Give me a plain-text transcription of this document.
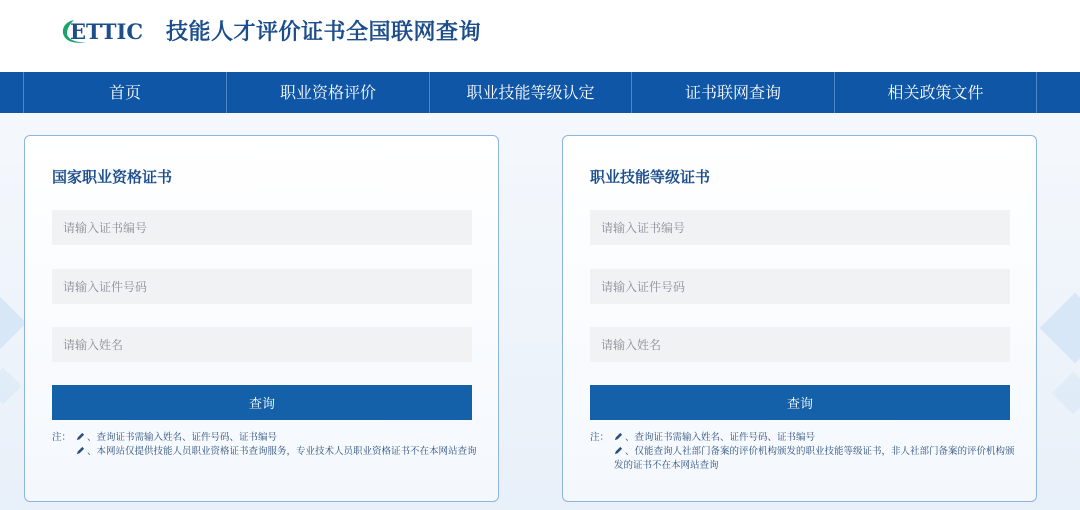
ETTIC 技能人才评价证书全国联网查询
首页	职业资格评价	职业技能等级认定	证书联网查询	相关政策文件
国家职业资格证书
请输入证书编号
请输入证件号码
请输入姓名
查询
注： 、查询证书需输入姓名、证件号码、证书编号
、本网站仅提供技能人员职业资格证书查询服务，专业技术人员职业资格证书不在本网站查询
职业技能等级证书
请输入证书编号
请输入证件号码
请输入姓名
查询
注： 、查询证书需输入姓名、证件号码、证书编号
、仅能查询人社部门备案的评价机构颁发的职业技能等级证书，非人社部门备案的评价机构颁发的证书不在本网站查询
